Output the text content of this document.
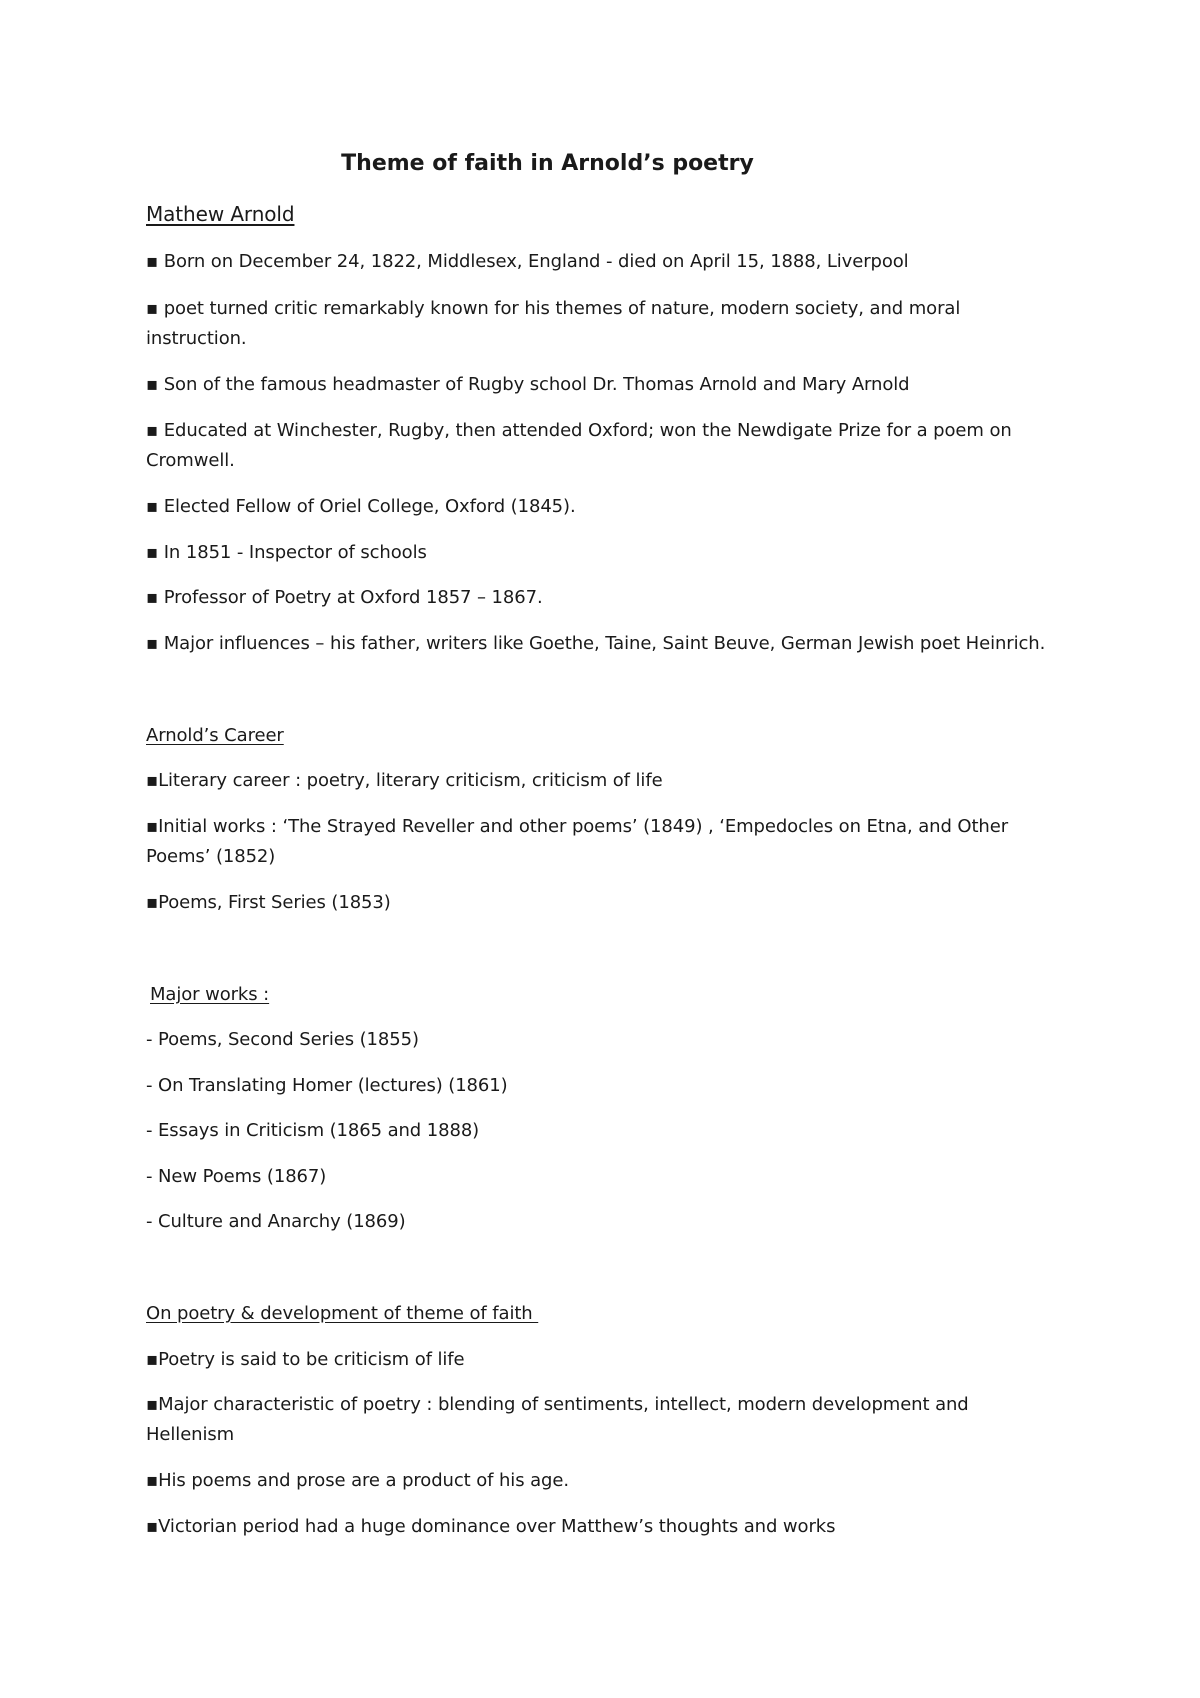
Theme of faith in Arnold’s poetry
Mathew Arnold
▪ Born on December 24, 1822, Middlesex, England - died on April 15, 1888, Liverpool
▪ poet turned critic remarkably known for his themes of nature, modern society, and moral instruction.
▪ Son of the famous headmaster of Rugby school Dr. Thomas Arnold and Mary Arnold
▪ Educated at Winchester, Rugby, then attended Oxford; won the Newdigate Prize for a poem on Cromwell.
▪ Elected Fellow of Oriel College, Oxford (1845).
▪ In 1851 - Inspector of schools
▪ Professor of Poetry at Oxford 1857 – 1867.
▪ Major influences – his father, writers like Goethe, Taine, Saint Beuve, German Jewish poet Heinrich.
Arnold’s Career
▪Literary career : poetry, literary criticism, criticism of life
▪Initial works : ‘The Strayed Reveller and other poems’ (1849) , ‘Empedocles on Etna, and Other Poems’ (1852)
▪Poems, First Series (1853)
Major works :
- Poems, Second Series (1855)
- On Translating Homer (lectures) (1861)
- Essays in Criticism (1865 and 1888)
- New Poems (1867)
- Culture and Anarchy (1869)
On poetry & development of theme of faith
▪Poetry is said to be criticism of life
▪Major characteristic of poetry : blending of sentiments, intellect, modern development and Hellenism
▪His poems and prose are a product of his age.
▪Victorian period had a huge dominance over Matthew’s thoughts and works
